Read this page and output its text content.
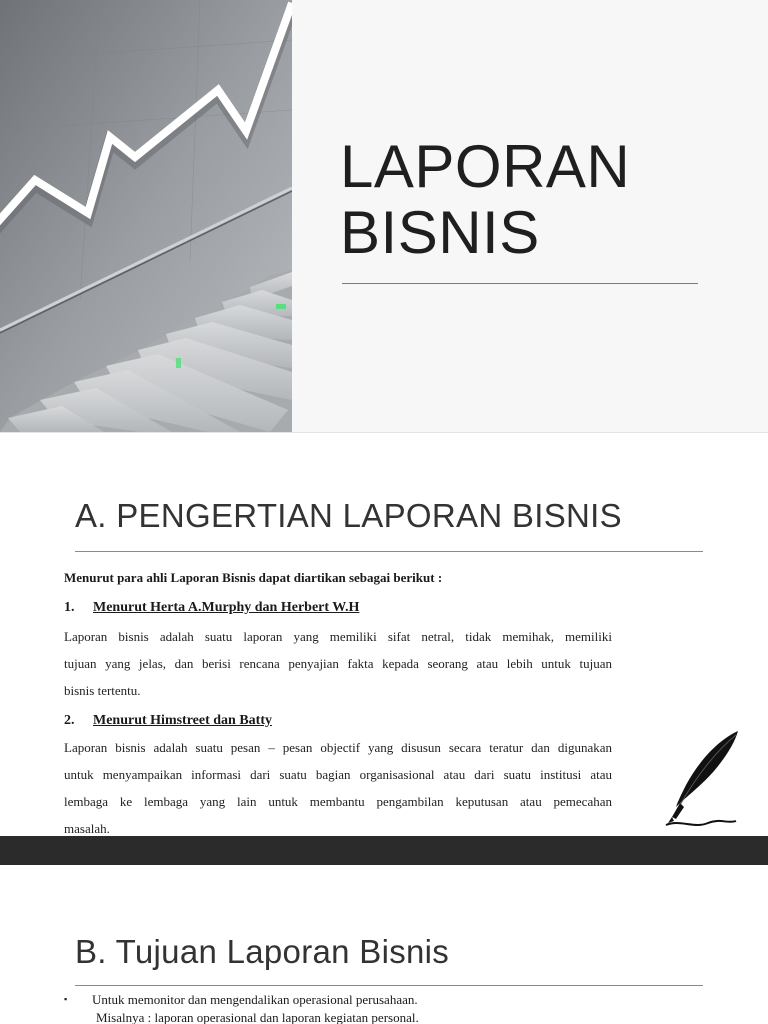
LAPORAN
BISNIS
A. PENGERTIAN LAPORAN BISNIS
Menurut para ahli Laporan Bisnis dapat diartikan sebagai berikut :
1. Menurut Herta A.Murphy dan Herbert W.H
Laporan bisnis adalah suatu laporan yang memiliki sifat netral, tidak memihak, memiliki
tujuan yang jelas, dan berisi rencana penyajian fakta kepada seorang atau lebih untuk tujuan
bisnis tertentu.
2. Menurut Himstreet dan Batty
Laporan bisnis adalah suatu pesan – pesan objectif yang disusun secara teratur dan digunakan
untuk menyampaikan informasi dari suatu bagian organisasional atau dari suatu institusi atau
lembaga ke lembaga yang lain untuk membantu pengambilan keputusan atau pemecahan
masalah.
B. Tujuan Laporan Bisnis
▪ Untuk memonitor dan mengendalikan operasional perusahaan.
Misalnya : laporan operasional dan laporan kegiatan personal.
